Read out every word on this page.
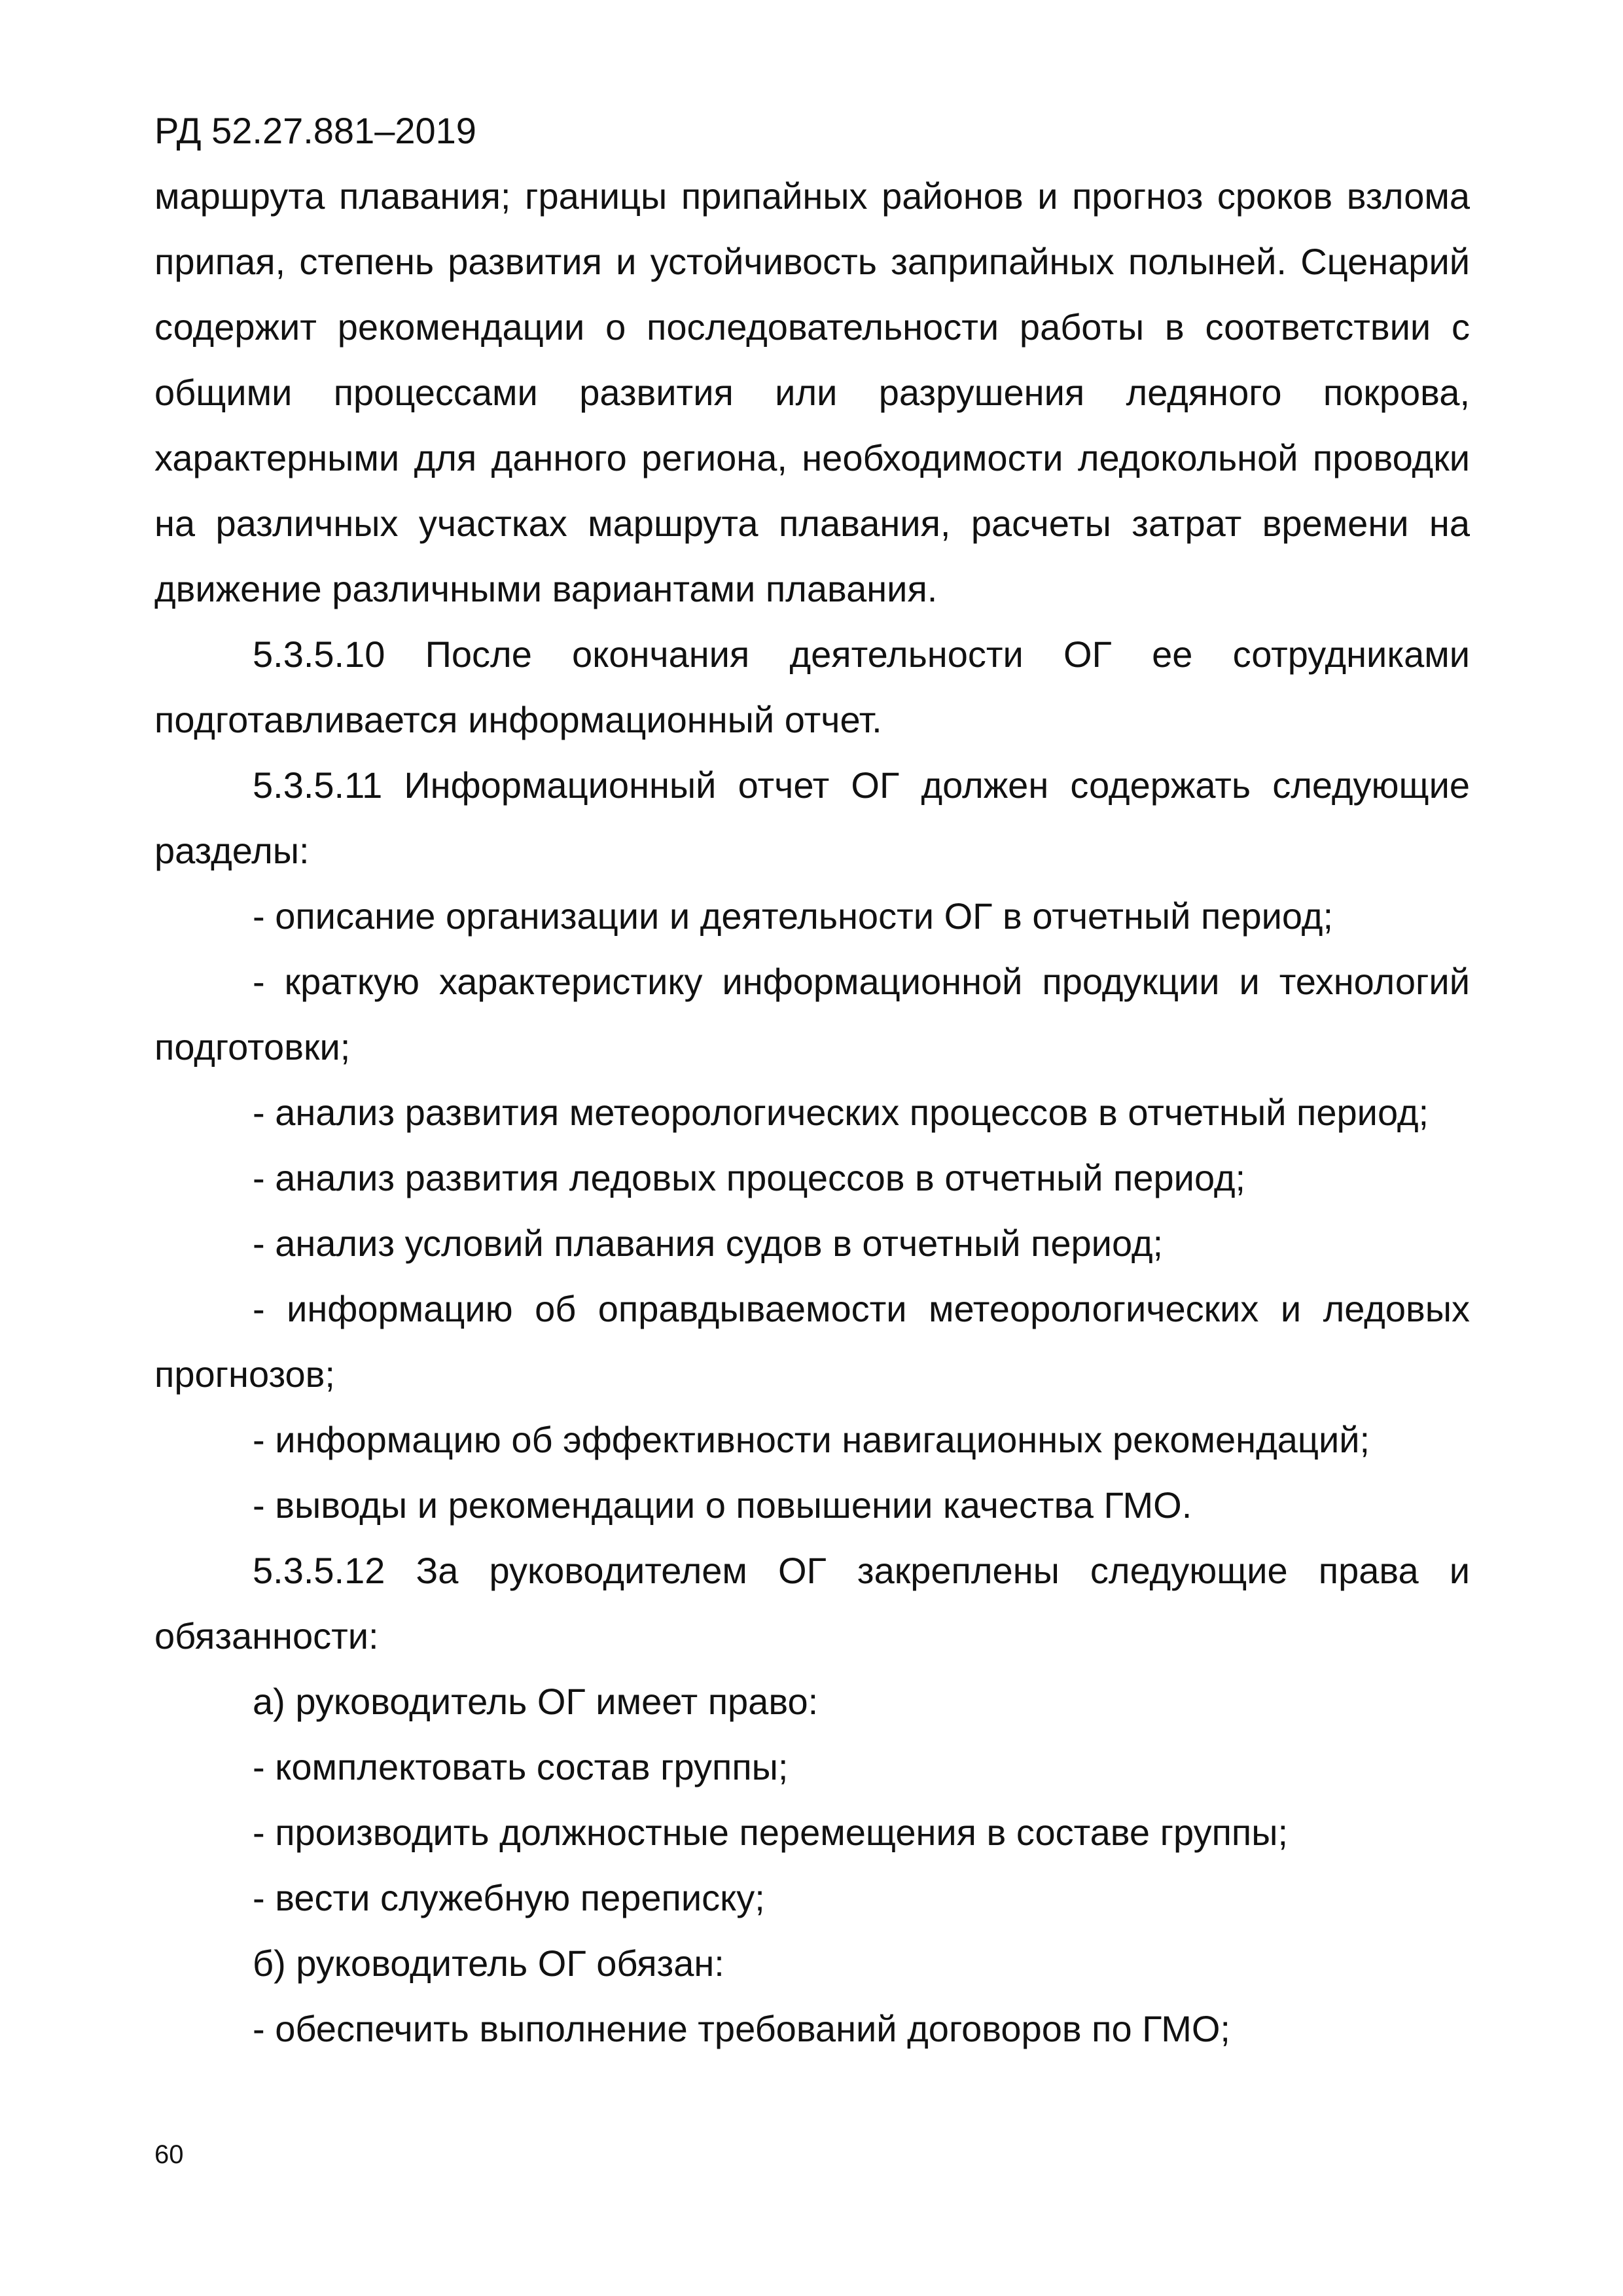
РД 52.27.881–2019

маршрута плавания; границы припайных районов и прогноз сроков взлома припая, степень развития и устойчивость заприпайных полыней. Сценарий содержит рекомендации о последовательности работы в соответствии с общими процессами развития или разрушения ледяного покрова, характерными для данного региона, необходимости ледокольной проводки на различных участках маршрута плавания, расчеты затрат времени на движение различными вариантами плавания.

5.3.5.10 После окончания деятельности ОГ ее сотрудниками подготавливается информационный отчет.

5.3.5.11 Информационный отчет ОГ должен содержать следующие разделы:

- описание организации и деятельности ОГ в отчетный период;

- краткую характеристику информационной продукции и технологий подготовки;

- анализ развития метеорологических процессов в отчетный период;

- анализ развития ледовых процессов в отчетный период;

- анализ условий плавания судов в отчетный период;

- информацию об оправдываемости метеорологических и ледовых прогнозов;

- информацию об эффективности навигационных рекомендаций;

- выводы и рекомендации о повышении качества ГМО.

5.3.5.12 За руководителем ОГ закреплены следующие права и обязанности:

а) руководитель ОГ имеет право:

- комплектовать состав группы;

- производить должностные перемещения в составе группы;

- вести служебную переписку;

б) руководитель ОГ обязан:

- обеспечить выполнение требований договоров по ГМО;

60
